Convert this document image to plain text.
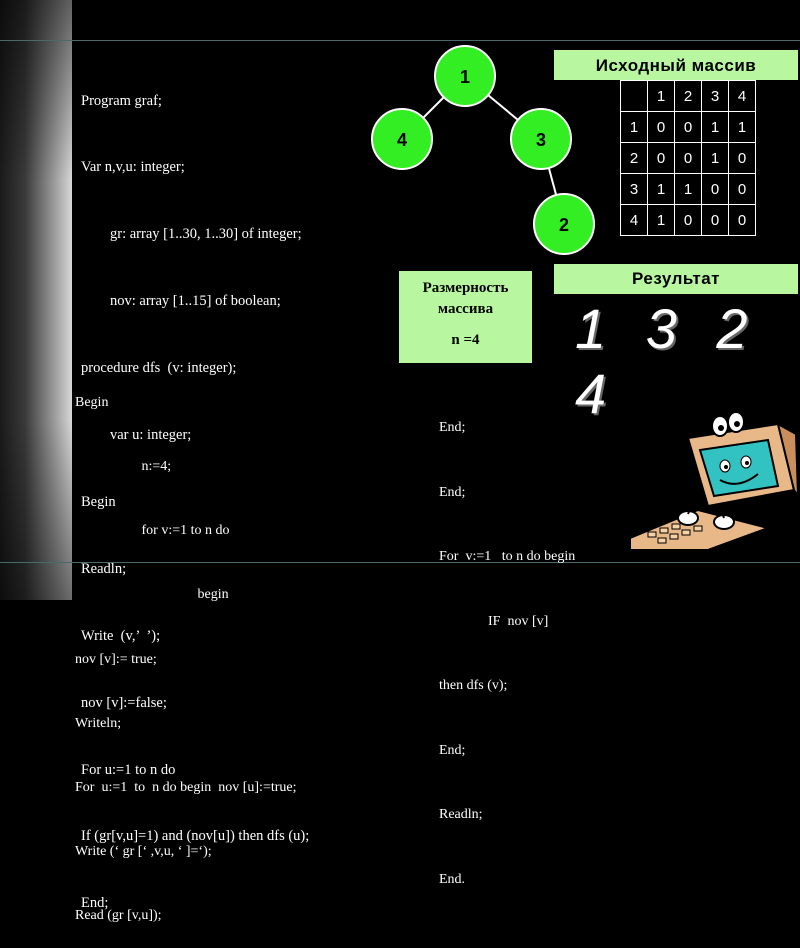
Program graf;

Var n,v,u: integer;

gr: array [1..30, 1..30] of integer;

nov: array [1..15] of boolean;

procedure dfs  (v: integer);

var u: integer;

Begin

Readln;

Write  (v,’  ’);

nov [v]:=false;

For u:=1 to n do

If (gr[v,u]=1) and (nov[u]) then dfs (u);

End;

Begin

n:=4;

for v:=1 to n do

begin

nov [v]:= true;

Writeln;

For  u:=1  to  n do begin  nov [u]:=true;

Write (‘ gr [‘ ,v,u, ‘ ]=‘);

Read (gr [v,u]);

End;

End;

For  v:=1   to n do begin

IF  nov [v]

then dfs (v);

End;

Readln;

End.

1
4	3
2
Исходный массив
	1	2	3	4
1	0	0	1	1
2	0	0	1	0
3	1	1	0	0
4	1	0	0	0
Результат
Размерность
массива
n =4	1 3 2 4
